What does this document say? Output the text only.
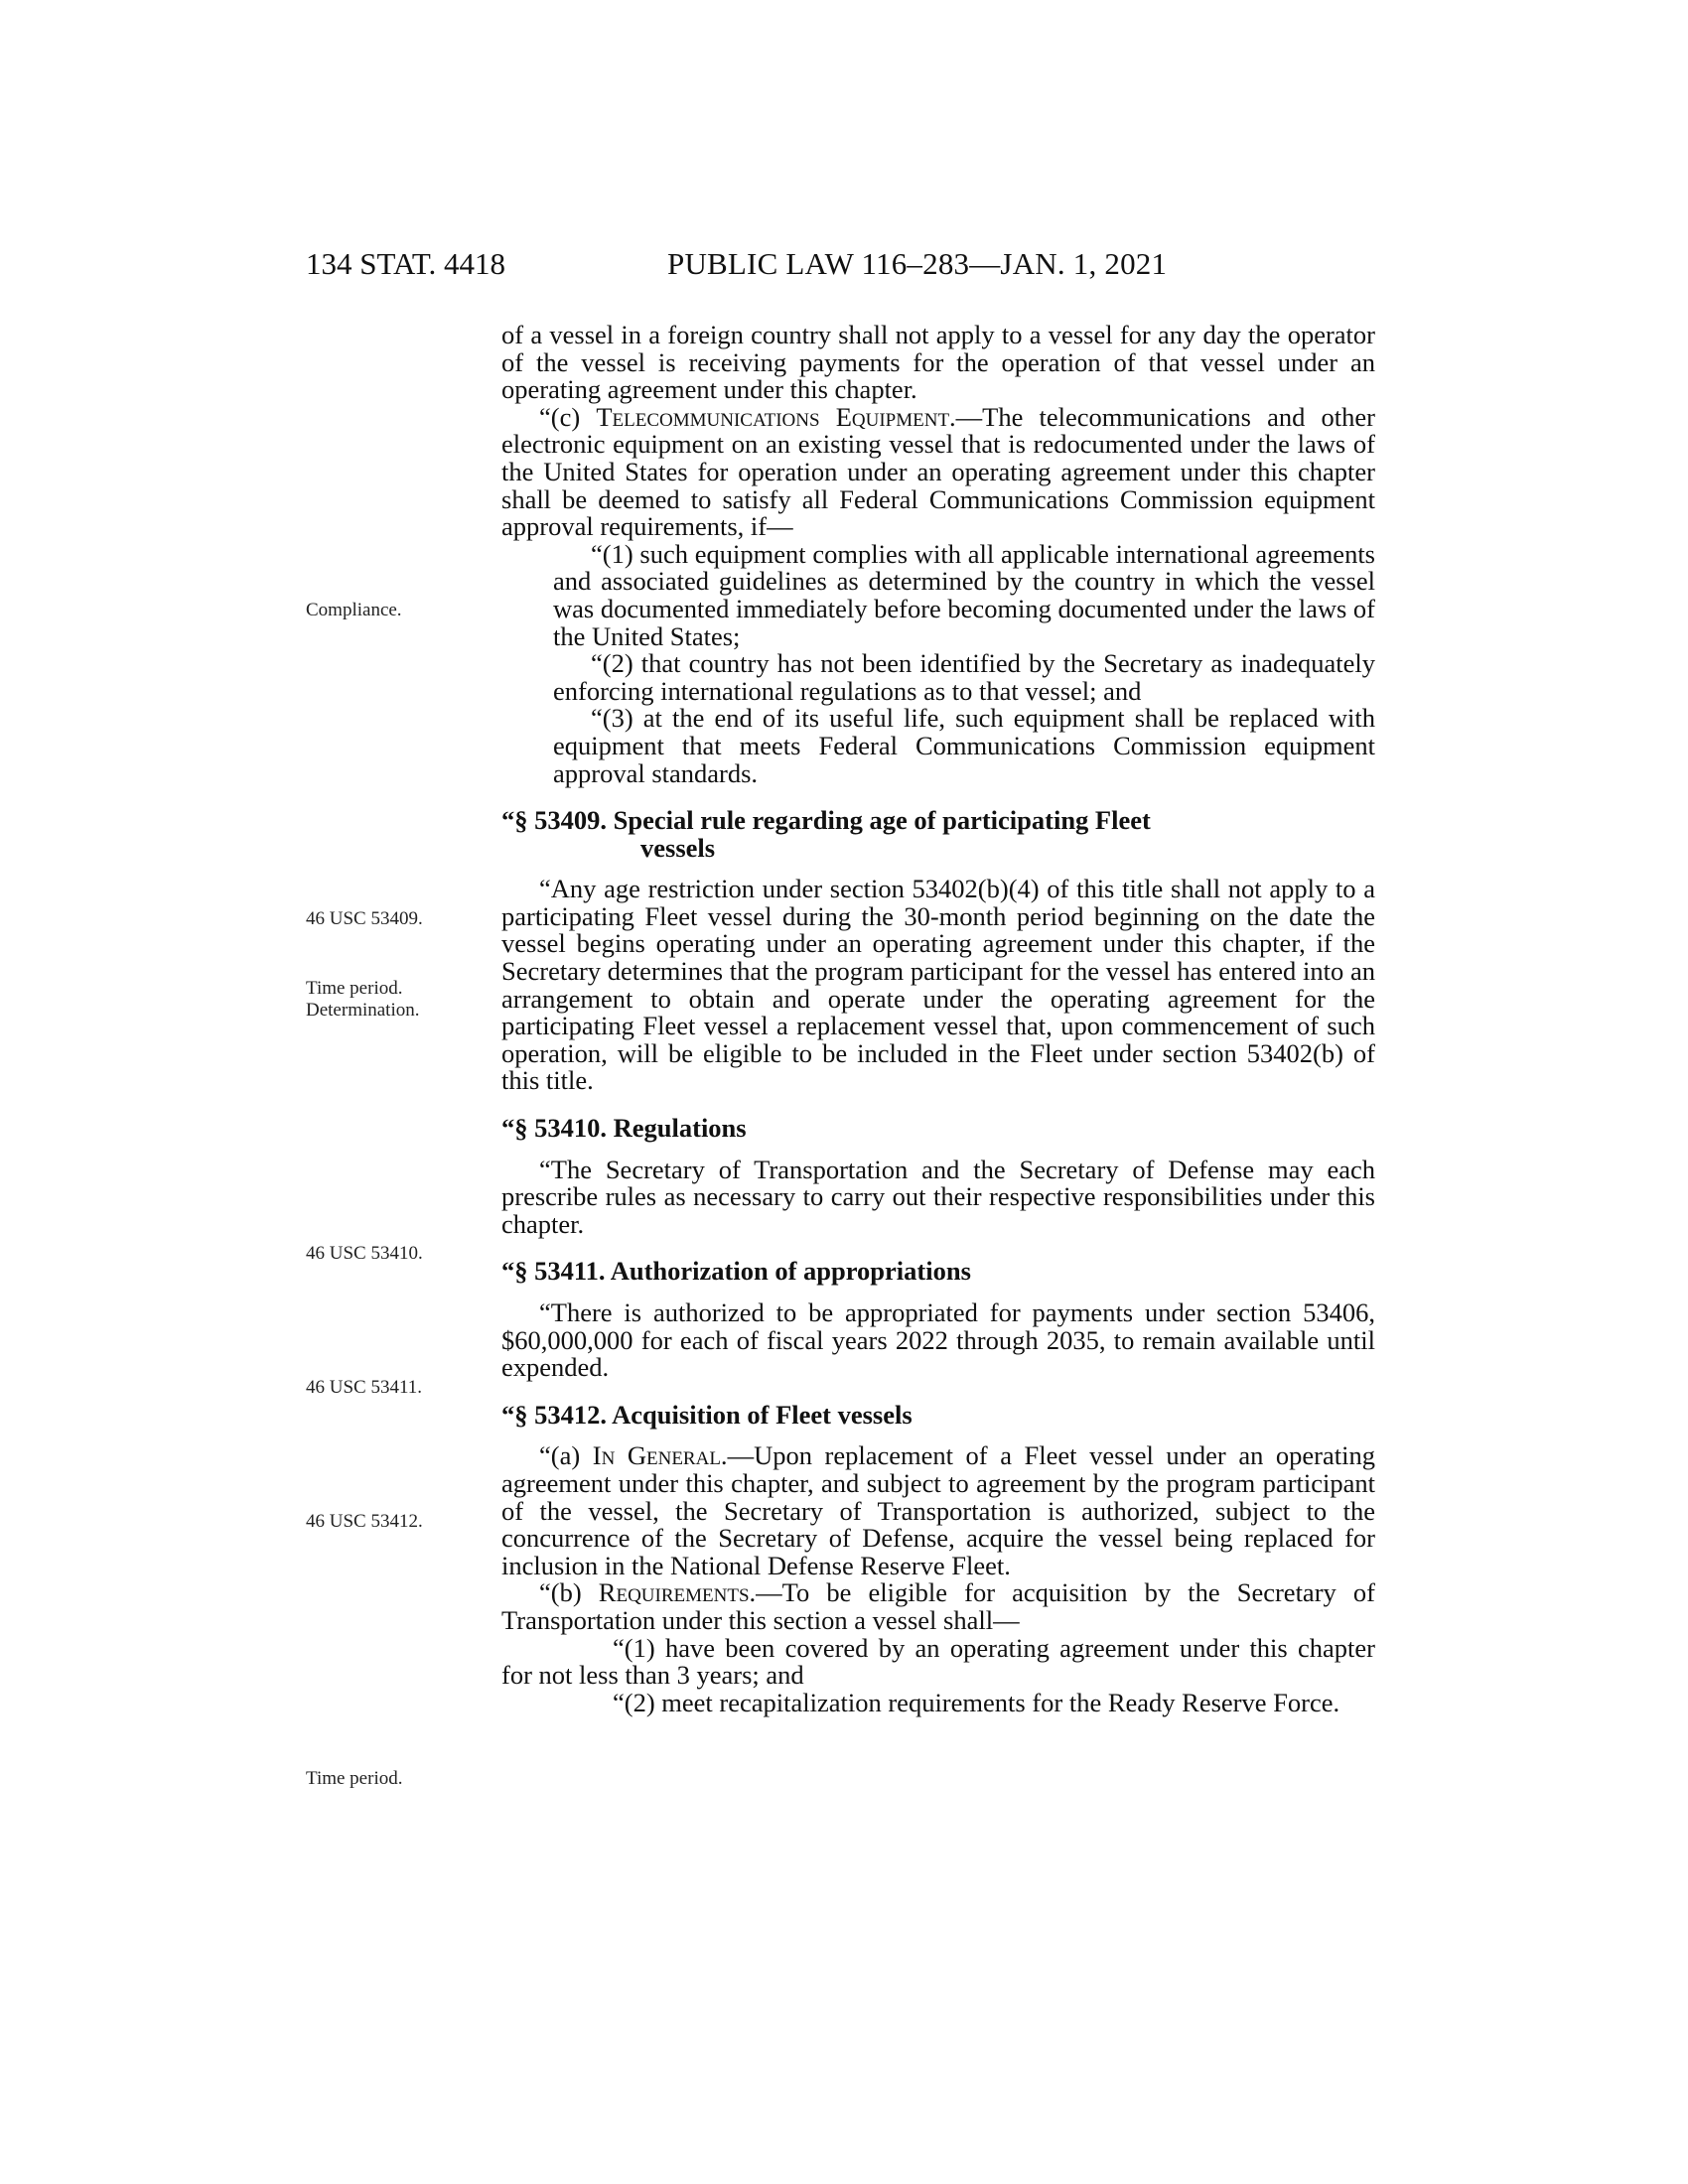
134 STAT. 4418	PUBLIC LAW 116–283—JAN. 1, 2021
Compliance.
46 USC 53409.
Time period.
Determination.
46 USC 53410.
46 USC 53411.
46 USC 53412.
Time period.

of a vessel in a foreign country shall not apply to a vessel for any day the operator of the vessel is receiving payments for the operation of that vessel under an operating agreement under this chapter.

“(c) Telecommunications Equipment.—The telecommunications and other electronic equipment on an existing vessel that is redocumented under the laws of the United States for operation under an operating agreement under this chapter shall be deemed to satisfy all Federal Communications Commission equipment approval requirements, if—

“(1) such equipment complies with all applicable international agreements and associated guidelines as determined by the country in which the vessel was documented immediately before becoming documented under the laws of the United States;

“(2) that country has not been identified by the Secretary as inadequately enforcing international regulations as to that vessel; and

“(3) at the end of its useful life, such equipment shall be replaced with equipment that meets Federal Communications Commission equipment approval standards.

“§ 53409. Special rule regarding age of participating Fleet
vessels

“Any age restriction under section 53402(b)(4) of this title shall not apply to a participating Fleet vessel during the 30-month period beginning on the date the vessel begins operating under an operating agreement under this chapter, if the Secretary determines that the program participant for the vessel has entered into an arrangement to obtain and operate under the operating agreement for the participating Fleet vessel a replacement vessel that, upon commencement of such operation, will be eligible to be included in the Fleet under section 53402(b) of this title.

“§ 53410. Regulations

“The Secretary of Transportation and the Secretary of Defense may each prescribe rules as necessary to carry out their respective responsibilities under this chapter.

“§ 53411. Authorization of appropriations

“There is authorized to be appropriated for payments under section 53406, $60,000,000 for each of fiscal years 2022 through 2035, to remain available until expended.

“§ 53412. Acquisition of Fleet vessels

“(a) In General.—Upon replacement of a Fleet vessel under an operating agreement under this chapter, and subject to agreement by the program participant of the vessel, the Secretary of Transportation is authorized, subject to the concurrence of the Secretary of Defense, acquire the vessel being replaced for inclusion in the National Defense Reserve Fleet.

“(b) Requirements.—To be eligible for acquisition by the Secretary of Transportation under this section a vessel shall—

“(1) have been covered by an operating agreement under this chapter for not less than 3 years; and

“(2) meet recapitalization requirements for the Ready Reserve Force.
